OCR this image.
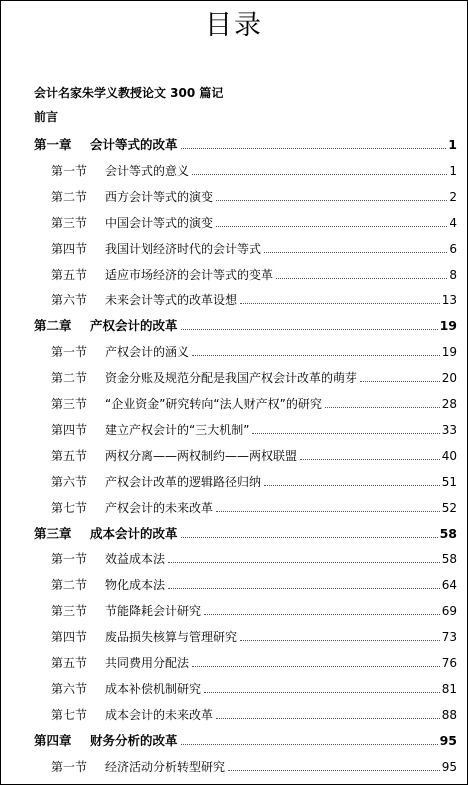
目录
会计名家朱学义教授论文 300 篇记
前言
第一章	会计等式的改革	1
第一节	会计等式的意义	1
第二节	西方会计等式的演变	2
第三节	中国会计等式的演变	4
第四节	我国计划经济时代的会计等式	6
第五节	适应市场经济的会计等式的变革	8
第六节	未来会计等式的改革设想	13
第二章	产权会计的改革	19
第一节	产权会计的涵义	19
第二节	资金分账及规范分配是我国产权会计改革的萌芽	20
第三节	“企业资金”研究转向“法人财产权”的研究	28
第四节	建立产权会计的“三大机制”	33
第五节	两权分离——两权制约——两权联盟	40
第六节	产权会计改革的逻辑路径归纳	51
第七节	产权会计的未来改革	52
第三章	成本会计的改革	58
第一节	效益成本法	58
第二节	物化成本法	64
第三节	节能降耗会计研究	69
第四节	废品损失核算与管理研究	73
第五节	共同费用分配法	76
第六节	成本补偿机制研究	81
第七节	成本会计的未来改革	88
第四章	财务分析的改革	95
第一节	经济活动分析转型研究	95
